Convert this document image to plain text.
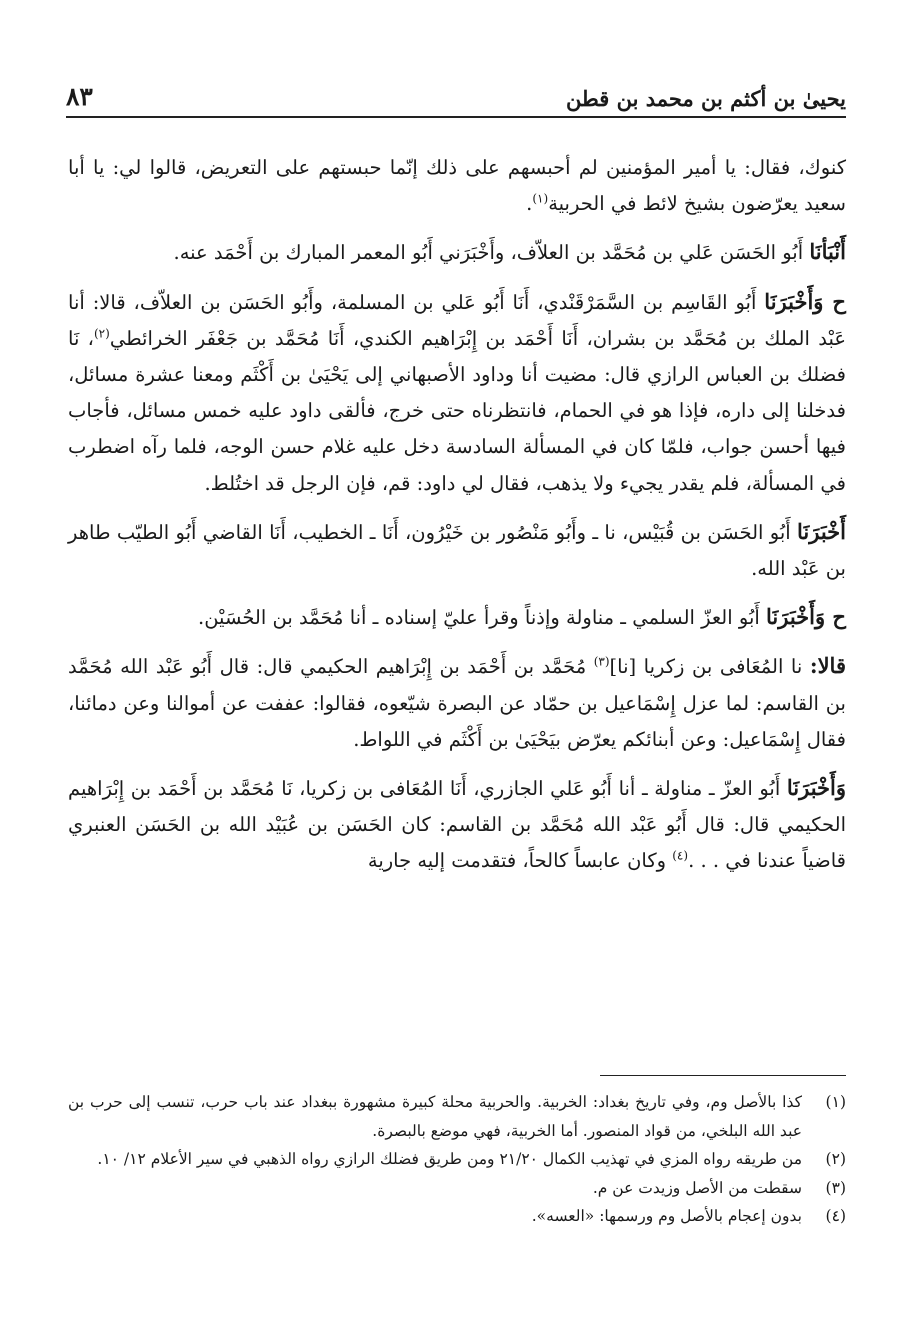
يحيىٰ بن أكثم بن محمد بن قطن
٨٣

كنوك، فقال: يا أمير المؤمنين لم أحبسهم على ذلك إنّما حبستهم على التعريض، قالوا لي: يا أبا سعيد يعرّضون بشيخ لائط في الحربية$^{(١)}$.

أَنْبَأنَا أَبُو الحَسَن عَلي بن مُحَمَّد بن العلاّف، وأَخْبَرَني أَبُو المعمر المبارك بن أَحْمَد عنه.

ح وَأَخْبَرَنَا أَبُو القَاسِم بن السَّمَرْقَنْدي، أَنَا أَبُو عَلي بن المسلمة، وأَبُو الحَسَن بن العلاّف، قالا: أنا عَبْد الملك بن مُحَمَّد بن بشران، أَنَا أَحْمَد بن إِبْرَاهيم الكندي، أَنَا مُحَمَّد بن جَعْفَر الخرائطي$^{(٢)}$، نَا فضلك بن العباس الرازي قال: مضيت أنا وداود الأصبهاني إلى يَحْيَىٰ بن أَكْثَم ومعنا عشرة مسائل، فدخلنا إلى داره، فإذا هو في الحمام، فانتظرناه حتى خرج، فألقى داود عليه خمس مسائل، فأجاب فيها أحسن جواب، فلمّا كان في المسألة السادسة دخل عليه غلام حسن الوجه، فلما رآه اضطرب في المسألة، فلم يقدر يجيء ولا يذهب، فقال لي داود: قم، فإن الرجل قد اختُلط.

أَخْبَرَنَا أَبُو الحَسَن بن قُبَيْس، نا ـ وأَبُو مَنْصُور بن خَيْرُون، أَنَا ـ الخطيب، أَنَا القاضي أَبُو الطيّب طاهر بن عَبْد الله.

ح وَأَخْبَرَنَا أَبُو العزّ السلمي ـ مناولة وإذناً وقرأ عليّ إسناده ـ أنا مُحَمَّد بن الحُسَيْن.

قالا: نا المُعَافى بن زكريا [نا]$^{(٣)}$ مُحَمَّد بن أَحْمَد بن إِبْرَاهيم الحكيمي قال: قال أَبُو عَبْد الله مُحَمَّد بن القاسم: لما عزل إِسْمَاعيل بن حمّاد عن البصرة شيّعوه، فقالوا: عففت عن أموالنا وعن دمائنا، فقال إِسْمَاعيل: وعن أبنائكم يعرّض بيَحْيَىٰ بن أَكْثَم في اللواط.

وَأَخْبَرَنَا أَبُو العزّ ـ مناولة ـ أنا أَبُو عَلي الجازري، أَنَا المُعَافى بن زكريا، نَا مُحَمَّد بن أَحْمَد بن إِبْرَاهيم الحكيمي قال: قال أَبُو عَبْد الله مُحَمَّد بن القاسم: كان الحَسَن بن عُبَيْد الله بن الحَسَن العنبري قاضياً عندنا في . . .$^{(٤)}$ وكان عابساً كالحاً، فتقدمت إليه جارية

(١)
كذا بالأصل وم، وفي تاريخ بغداد: الخربية. والحربية محلة كبيرة مشهورة ببغداد عند باب حرب، تنسب إلى حرب بن عبد الله البلخي، من قواد المنصور. أما الخربية، فهي موضع بالبصرة.

(٢)
من طريقه رواه المزي في تهذيب الكمال ٢١/٢٠ ومن طريق فضلك الرازي رواه الذهبي في سير الأعلام ١٢/ ١٠.

(٣)
سقطت من الأصل وزيدت عن م.

(٤)
بدون إعجام بالأصل وم ورسمها: «العسه».
